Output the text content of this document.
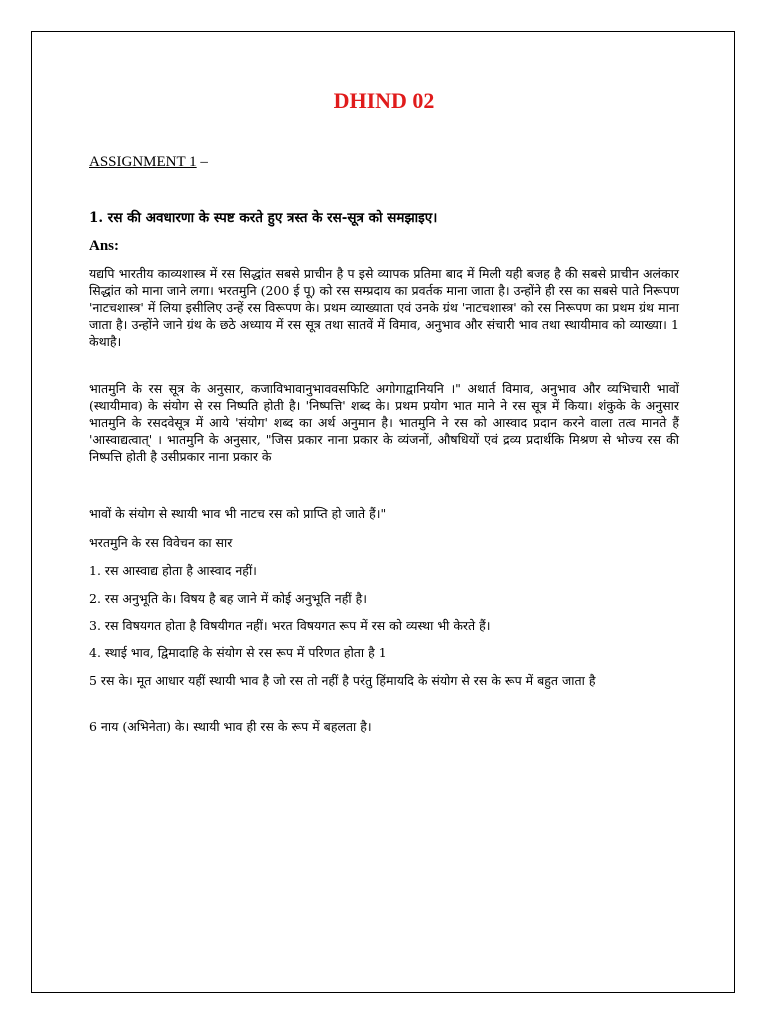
DHIND 02
ASSIGNMENT 1 –

1. रस की अवधारणा के स्पष्ट करते हुए त्रस्त के रस-सूत्र को समझाइए।

Ans:

यद्यपि भारतीय काव्यशास्त्र में रस सिद्धांत सबसे प्राचीन है प इसे व्यापक प्रतिमा बाद में मिली यही बजह है की सबसे प्राचीन अलंकार सिद्धांत को माना जाने लगा। भरतमुनि (200 ई पू) को रस सम्प्रदाय का प्रवर्तक माना जाता है। उन्होंने ही रस का सबसे पाते निरूपण 'नाटचशास्त्र' में लिया इसीलिए उन्हें रस विरूपण के। प्रथम व्याख्याता एवं उनके ग्रंथ 'नाटचशास्त्र' को रस निरूपण का प्रथम ग्रंथ माना जाता है। उन्होंने जाने ग्रंथ के छठे अध्याय में रस सूत्र तथा सातवें में विमाव, अनुभाव और संचारी भाव तथा स्थायीमाव को व्याख्या। 1 केथाहै।

भातमुनि के रस सूत्र के अनुसार, कजाविभावानुभाववसफिटि अगोगाद्वानियनि ।" अथार्त विमाव, अनुभाव और व्यभिचारी भावों (स्थायीमाव) के संयोग से रस निष्पति होती है। 'निष्पत्ति' शब्द के। प्रथम प्रयोग भात माने ने रस सूत्र में किया। शंकुके के अनुसार भातमुनि के रसदवेसूत्र में आये 'संयोग' शब्द का अर्थ अनुमान है। भातमुनि ने रस को आस्वाद प्रदान करने वाला तत्व मानते हैं 'आस्वाद्यत्वात्' । भातमुनि के अनुसार, "जिस प्रकार नाना प्रकार के व्यंजनों, औषधियों एवं द्रव्य प्रदार्थकि मिश्रण से भोज्य रस की निष्पत्ति होती है उसीप्रकार नाना प्रकार के

भावों के संयोग से स्थायी भाव भी नाटच रस को प्राप्ति हो जाते हैं।"

भरतमुनि के रस विवेचन का सार

1. रस आस्वाद्य होता है आस्वाद नहीं।

2. रस अनुभूति के। विषय है बह जाने में कोई अनुभूति नहीं है।

3. रस विषयगत होता है विषयीगत नहीं। भरत विषयगत रूप में रस को व्यस्था भी केरते हैं।

4. स्थाई भाव, द्विमादाहि के संयोग से रस रूप में परिणत होता है 1

5 रस के। मूत आधार यहीं स्थायी भाव है जो रस तो नहीं है परंतु हिंमायदि के संयोग से रस के रूप में बहुत जाता है

6 नाय (अभिनेता) के। स्थायी भाव ही रस के रूप में बहलता है।
